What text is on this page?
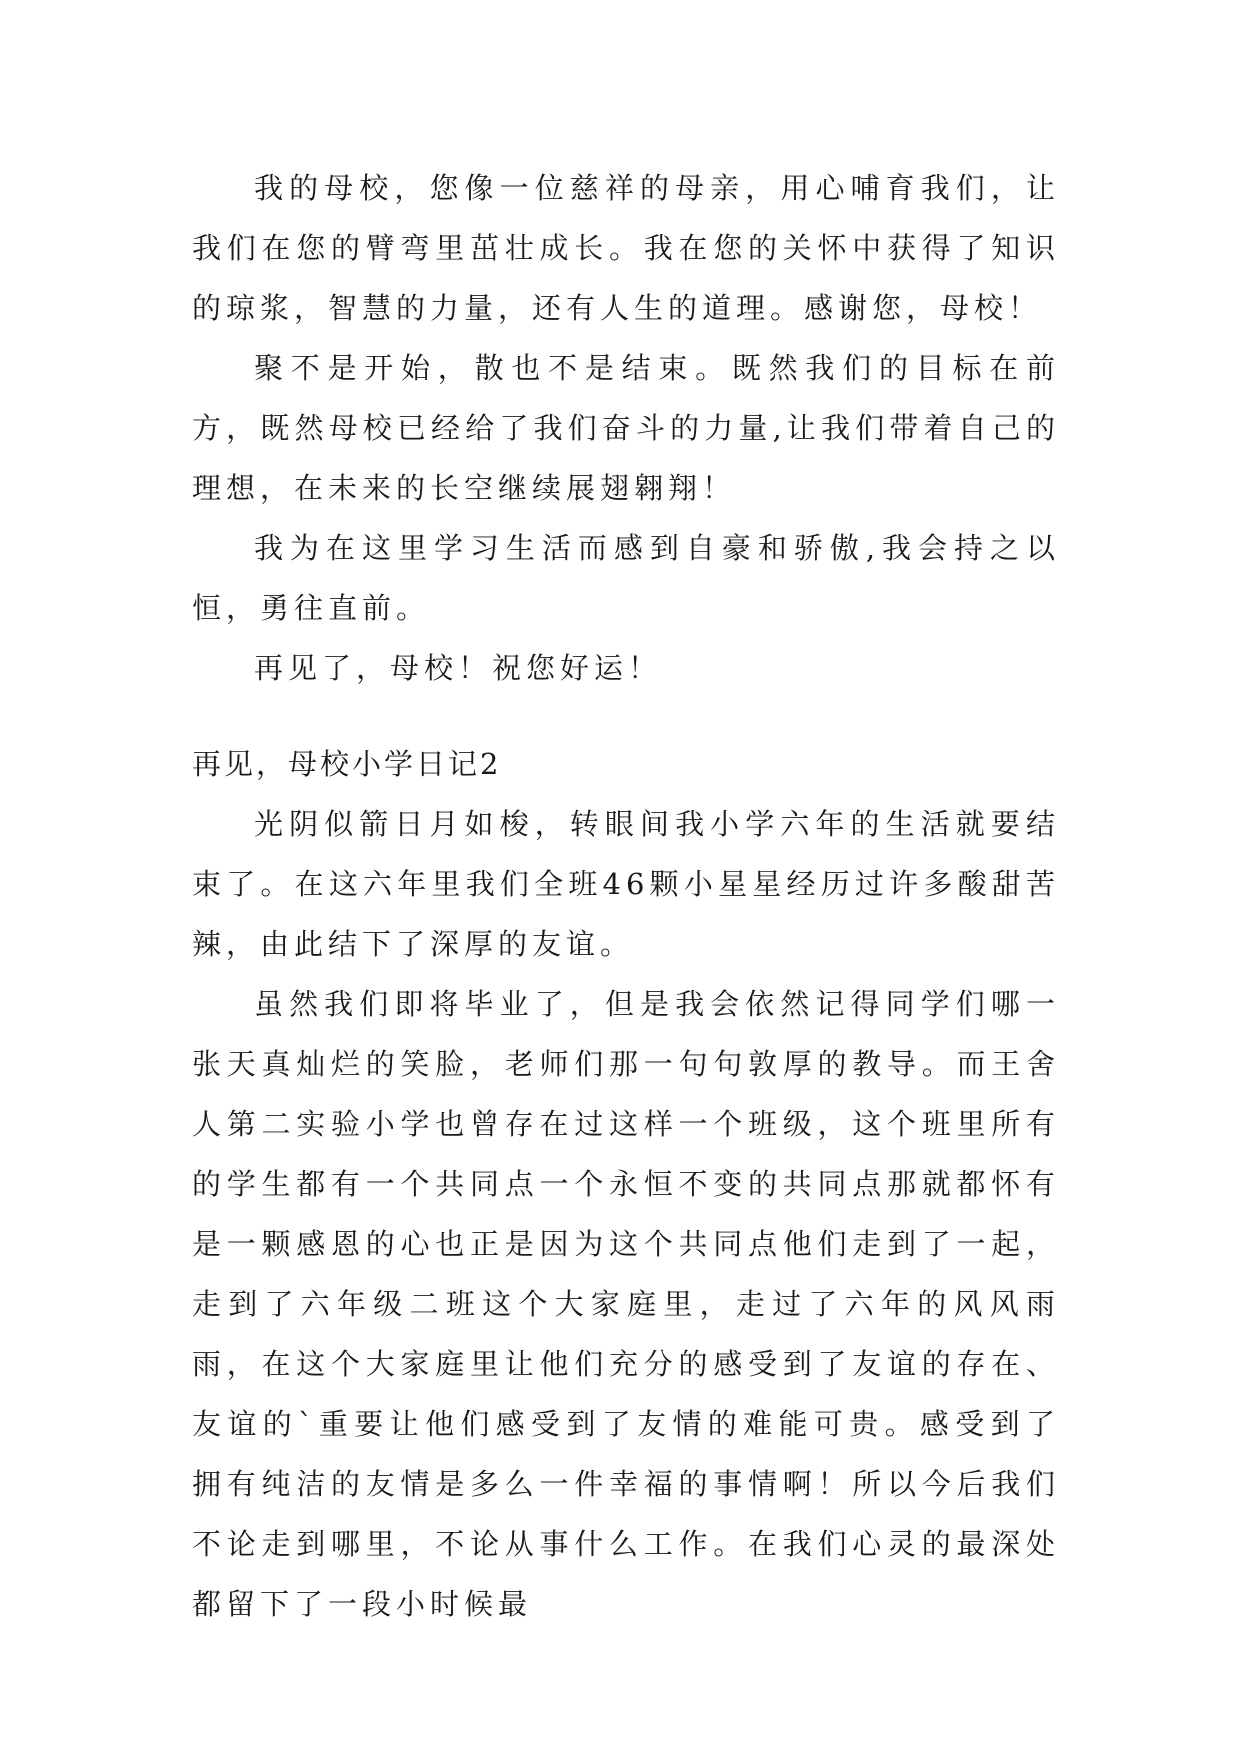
我的母校，您像一位慈祥的母亲，用心哺育我们，让我们在您的臂弯里茁壮成长。我在您的关怀中获得了知识的琼浆，智慧的力量，还有人生的道理。感谢您，母校！

聚不是开始，散也不是结束。既然我们的目标在前方，既然母校已经给了我们奋斗的力量,让我们带着自己的理想，在未来的长空继续展翅翱翔！

我为在这里学习生活而感到自豪和骄傲,我会持之以恒，勇往直前。

再见了，母校！祝您好运！

再见，母校小学日记2

光阴似箭日月如梭，转眼间我小学六年的生活就要结束了。在这六年里我们全班46颗小星星经历过许多酸甜苦辣，由此结下了深厚的友谊。

虽然我们即将毕业了，但是我会依然记得同学们哪一张天真灿烂的笑脸，老师们那一句句敦厚的教导。而王舍人第二实验小学也曾存在过这样一个班级，这个班里所有的学生都有一个共同点一个永恒不变的共同点那就都怀有是一颗感恩的心也正是因为这个共同点他们走到了一起，走到了六年级二班这个大家庭里，走过了六年的风风雨雨，在这个大家庭里让他们充分的感受到了友谊的存在、友谊的`重要让他们感受到了友情的难能可贵。感受到了拥有纯洁的友情是多么一件幸福的事情啊！所以今后我们不论走到哪里，不论从事什么工作。在我们心灵的最深处都留下了一段小时候最
